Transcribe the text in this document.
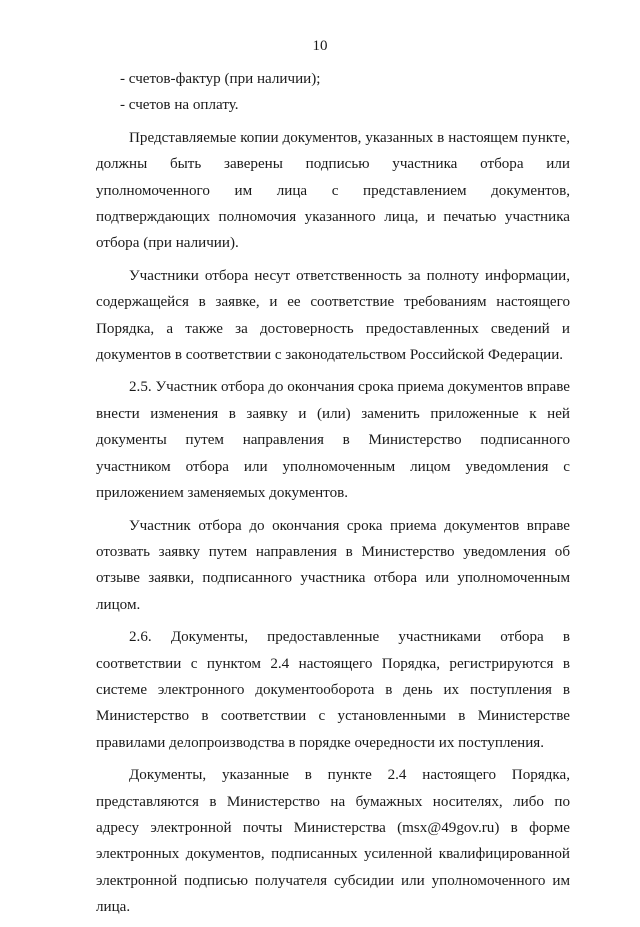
10

- счетов-фактур (при наличии);

- счетов на оплату.

Представляемые копии документов, указанных в настоящем пункте, должны быть заверены подписью участника отбора или уполномоченного им лица с представлением документов, подтверждающих полномочия указанного лица, и печатью участника отбора (при наличии).

Участники отбора несут ответственность за полноту информации, содержащейся в заявке, и ее соответствие требованиям настоящего Порядка, а также за достоверность предоставленных сведений и документов в соответствии с законодательством Российской Федерации.

2.5. Участник отбора до окончания срока приема документов вправе внести изменения в заявку и (или) заменить приложенные к ней документы путем направления в Министерство подписанного участником отбора или уполномоченным лицом уведомления с приложением заменяемых документов.

Участник отбора до окончания срока приема документов вправе отозвать заявку путем направления в Министерство уведомления об отзыве заявки, подписанного участника отбора или уполномоченным лицом.

2.6. Документы, предоставленные участниками отбора в соответствии с пунктом 2.4 настоящего Порядка, регистрируются в системе электронного документооборота в день их поступления в Министерство в соответствии с установленными в Министерстве правилами делопроизводства в порядке очередности их поступления.

Документы, указанные в пункте 2.4 настоящего Порядка, представляются в Министерство на бумажных носителях, либо по адресу электронной почты Министерства (msx@49gov.ru) в форме электронных документов, подписанных усиленной квалифицированной электронной подписью получателя субсидии или уполномоченного им лица.
